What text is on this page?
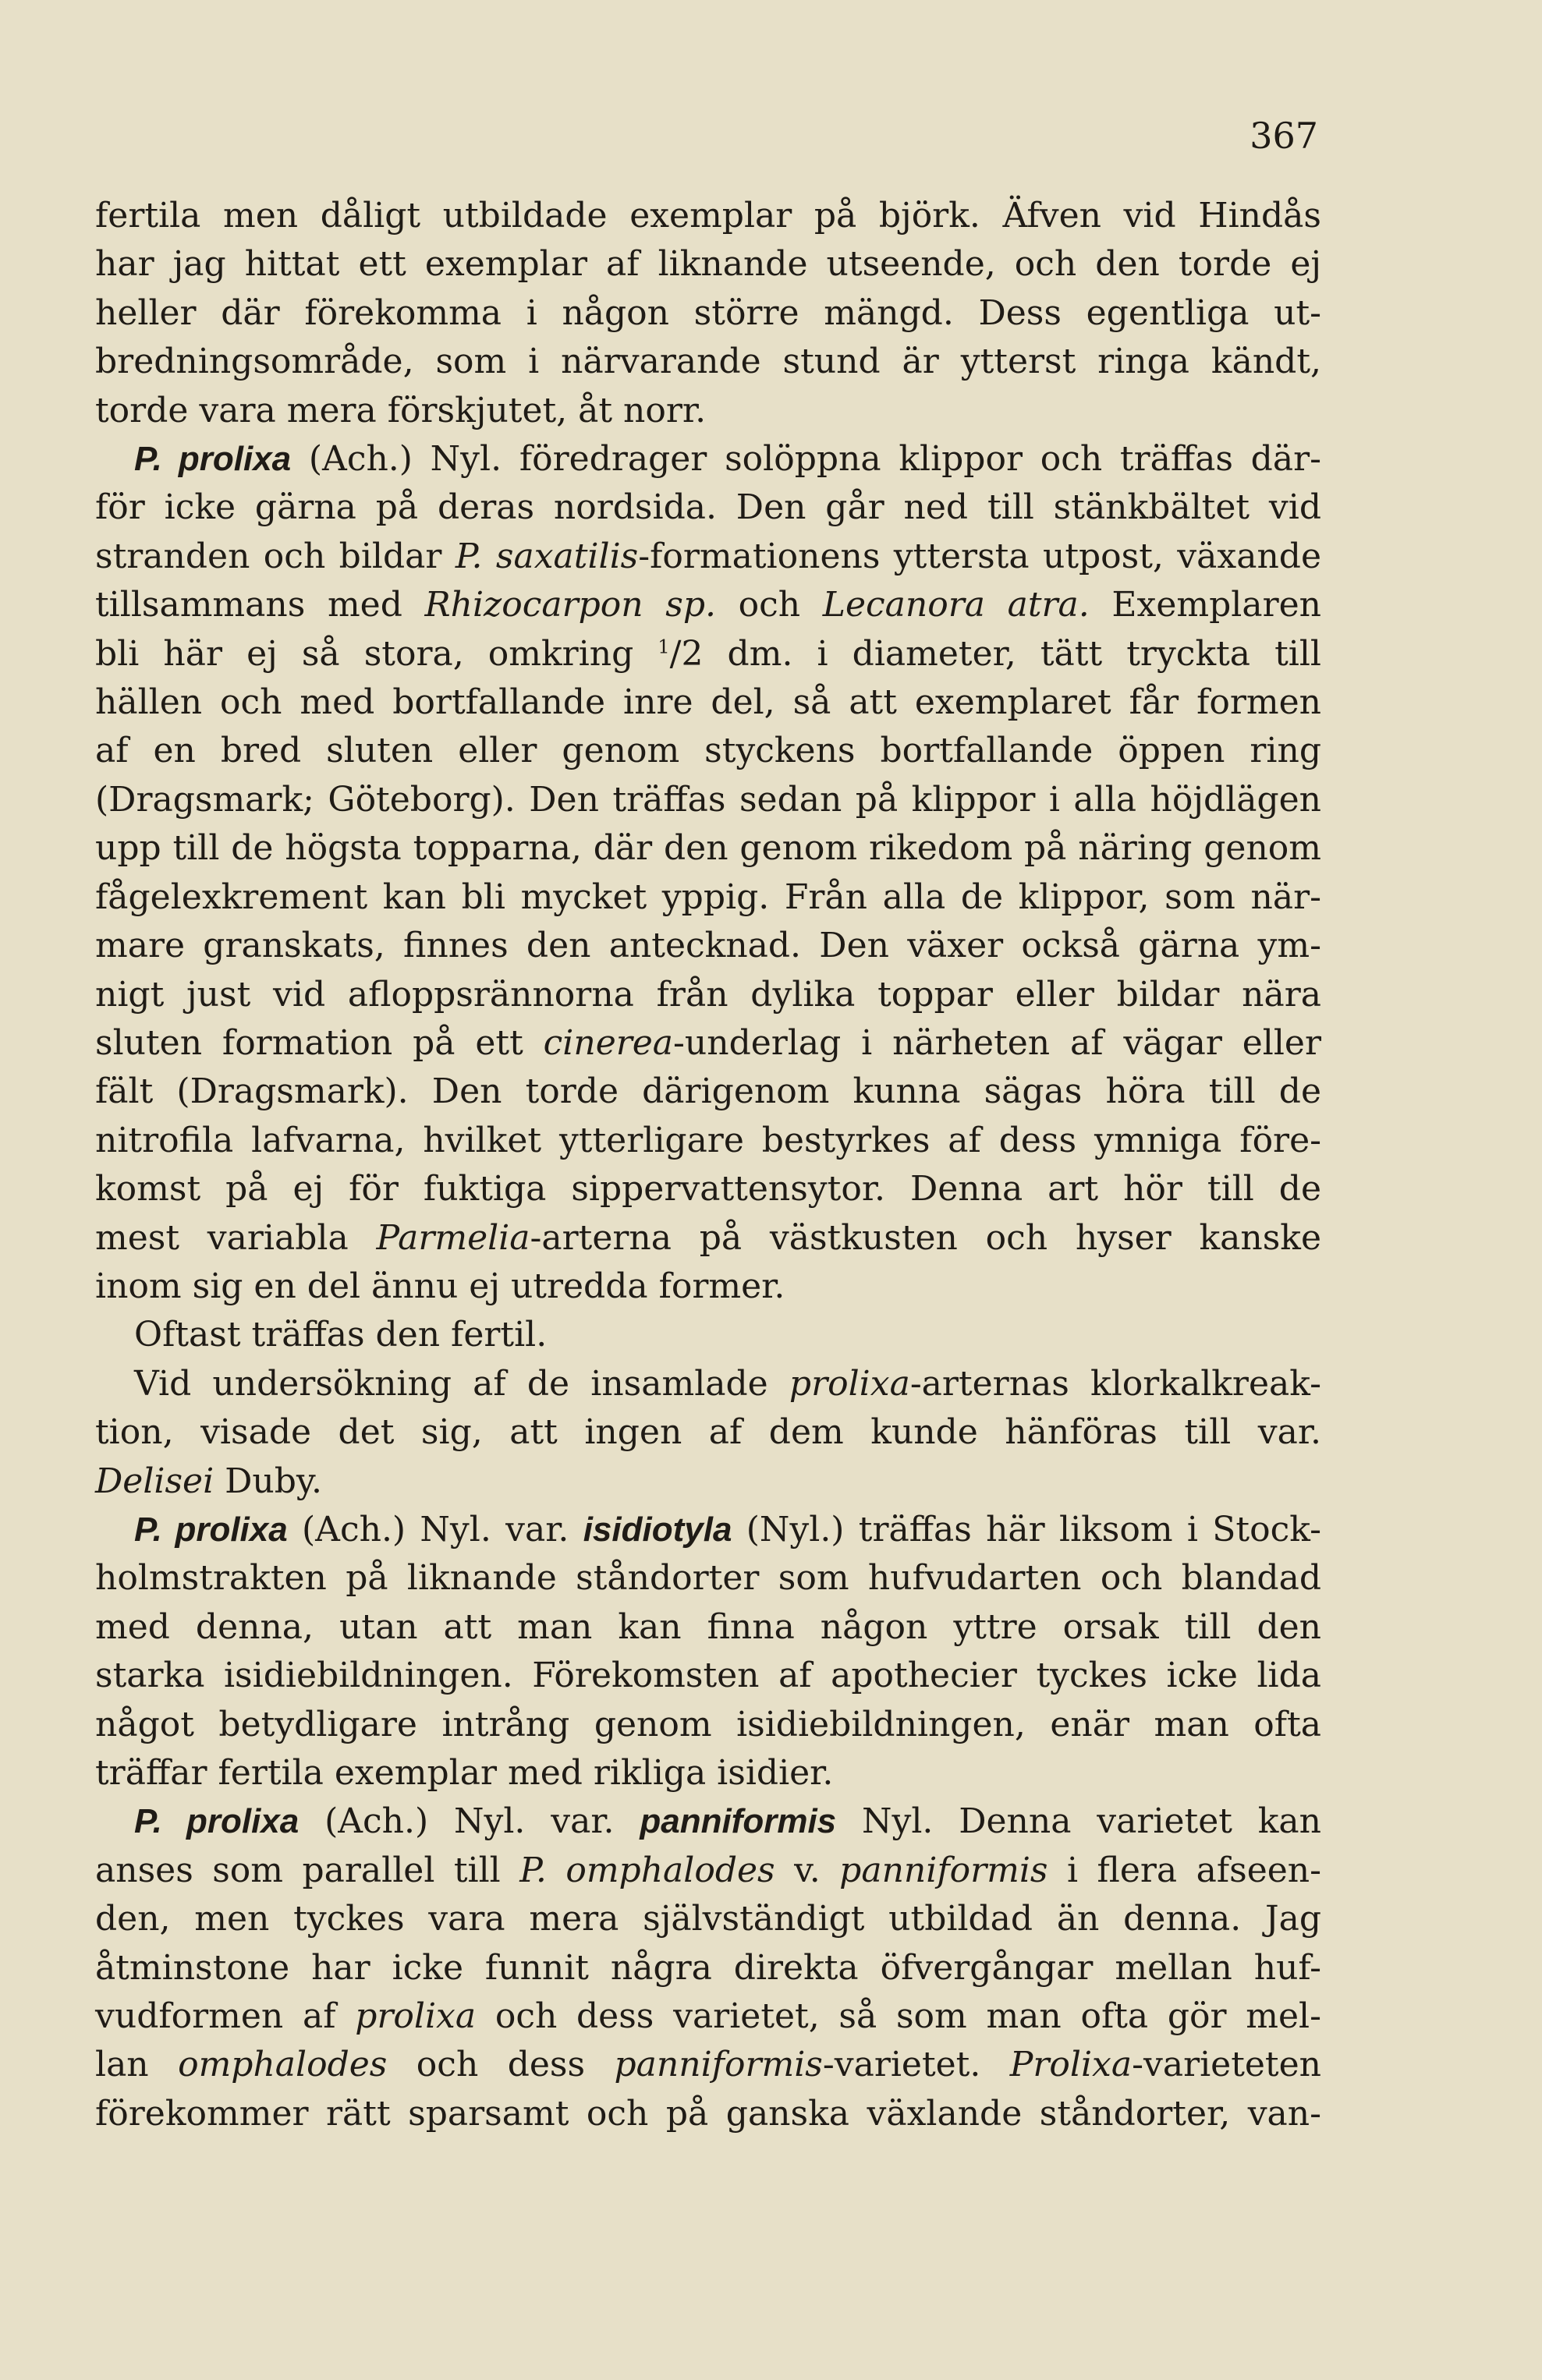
367
fertila men dåligt utbildade exemplar på björk. Äfven vid Hindås
har jag hittat ett exemplar af liknande utseende, och den torde ej
heller där förekomma i någon större mängd. Dess egentliga ut-
bredningsområde, som i närvarande stund är ytterst ringa kändt,
torde vara mera förskjutet, åt norr.
P. prolixa (Ach.) Nyl. föredrager solöppna klippor och träffas där-
för icke gärna på deras nordsida. Den går ned till stänkbältet vid
stranden och bildar P. saxatilis-formationens yttersta utpost, växande
tillsammans med Rhizocarpon sp. och Lecanora atra. Exemplaren
bli här ej så stora, omkring $^1$/2 dm. i diameter, tätt tryckta till
hällen och med bortfallande inre del, så att exemplaret får formen
af en bred sluten eller genom styckens bortfallande öppen ring
(Dragsmark; Göteborg). Den träffas sedan på klippor i alla höjdlägen
upp till de högsta topparna, där den genom rikedom på näring genom
fågelexkrement kan bli mycket yppig. Från alla de klippor, som när-
mare granskats, finnes den antecknad. Den växer också gärna ym-
nigt just vid afloppsrännorna från dylika toppar eller bildar nära
sluten formation på ett cinerea-underlag i närheten af vägar eller
fält (Dragsmark). Den torde därigenom kunna sägas höra till de
nitrofila lafvarna, hvilket ytterligare bestyrkes af dess ymniga före-
komst på ej för fuktiga sippervattensytor. Denna art hör till de
mest variabla Parmelia-arterna på västkusten och hyser kanske
inom sig en del ännu ej utredda former.
Oftast träffas den fertil.
Vid undersökning af de insamlade prolixa-arternas klorkalkreak-
tion, visade det sig, att ingen af dem kunde hänföras till var.
Delisei Duby.
P. prolixa (Ach.) Nyl. var. isidiotyla (Nyl.) träffas här liksom i Stock-
holmstrakten på liknande ståndorter som hufvudarten och blandad
med denna, utan att man kan finna någon yttre orsak till den
starka isidiebildningen. Förekomsten af apothecier tyckes icke lida
något betydligare intrång genom isidiebildningen, enär man ofta
träffar fertila exemplar med rikliga isidier.
P. prolixa (Ach.) Nyl. var. panniformis Nyl. Denna varietet kan
anses som parallel till P. omphalodes v. panniformis i flera afseen-
den, men tyckes vara mera självständigt utbildad än denna. Jag
åtminstone har icke funnit några direkta öfvergångar mellan huf-
vudformen af prolixa och dess varietet, så som man ofta gör mel-
lan omphalodes och dess panniformis-varietet. Prolixa-varieteten
förekommer rätt sparsamt och på ganska växlande ståndorter, van-
